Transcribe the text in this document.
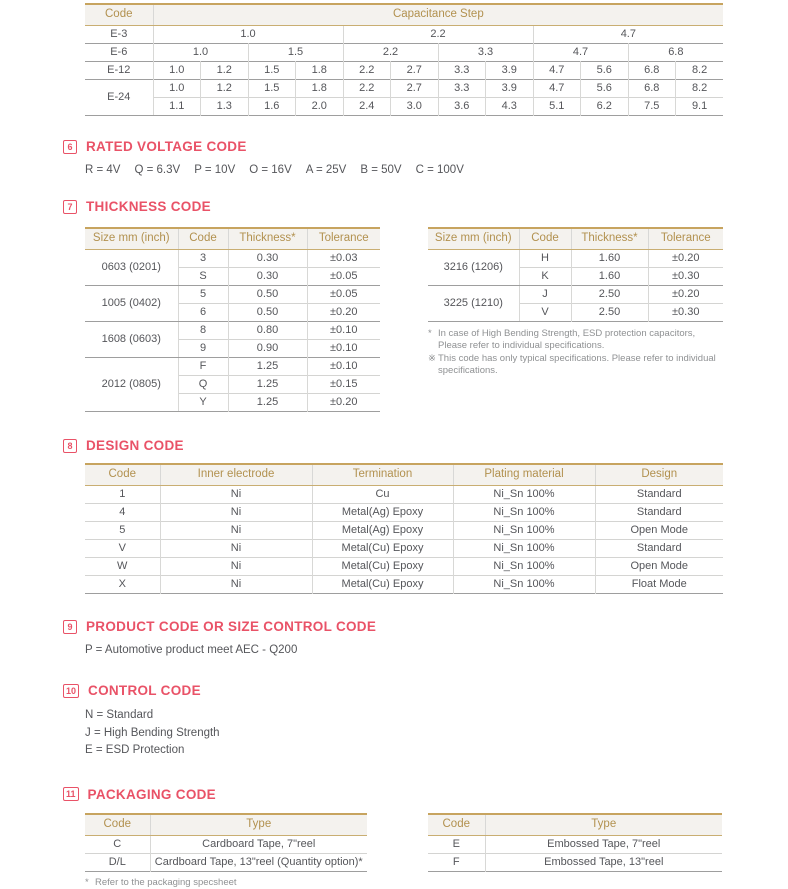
Code	Capacitance Step											
E-3	1.0				2.2				4.7			
E-6	1.0		1.5		2.2		3.3		4.7		6.8	
E-12	1.0	1.2	1.5	1.8	2.2	2.7	3.3	3.9	4.7	5.6	6.8	8.2
E-24	1.0	1.2	1.5	1.8	2.2	2.7	3.3	3.9	4.7	5.6	6.8	8.2
	1.1	1.3	1.6	2.0	2.4	3.0	3.6	4.3	5.1	6.2	7.5	9.1
6	RATED VOLTAGE CODE
R = 4V Q = 6.3V P = 10V O = 16V A = 25V B = 50V C = 100V
7	THICKNESS CODE
Size mm (inch)	Code	Thickness*	Tolerance
0603 (0201)	3	0.30	±0.03
	S	0.30	±0.05
1005 (0402)	5	0.50	±0.05
	6	0.50	±0.20
1608 (0603)	8	0.80	±0.10
	9	0.90	±0.10
2012 (0805)	F	1.25	±0.10
	Q	1.25	±0.15
	Y	1.25	±0.20
Size mm (inch)	Code	Thickness*	Tolerance
3216 (1206)	H	1.60	±0.20
	K	1.60	±0.30
3225 (1210)	J	2.50	±0.20
	V	2.50	±0.30
* In case of High Bending Strength, ESD protection capacitors, Please refer to individual specifications.
※ This code has only typical specifications. Please refer to individual specifications.
8	DESIGN CODE
Code	Inner electrode	Termination	Plating material	Design
1	Ni	Cu	Ni_Sn 100%	Standard
4	Ni	Metal(Ag) Epoxy	Ni_Sn 100%	Standard
5	Ni	Metal(Ag) Epoxy	Ni_Sn 100%	Open Mode
V	Ni	Metal(Cu) Epoxy	Ni_Sn 100%	Standard
W	Ni	Metal(Cu) Epoxy	Ni_Sn 100%	Open Mode
X	Ni	Metal(Cu) Epoxy	Ni_Sn 100%	Float Mode
9	PRODUCT CODE OR SIZE CONTROL CODE
P = Automotive product meet AEC - Q200
10 CONTROL CODE
N = Standard
J = High Bending Strength
E = ESD Protection
11 PACKAGING CODE
Code	Type
C	Cardboard Tape, 7"reel
D/L	Cardboard Tape, 13"reel (Quantity option)*
Code	Type
E	Embossed Tape, 7"reel
F	Embossed Tape, 13"reel
* Refer to the packaging specsheet
